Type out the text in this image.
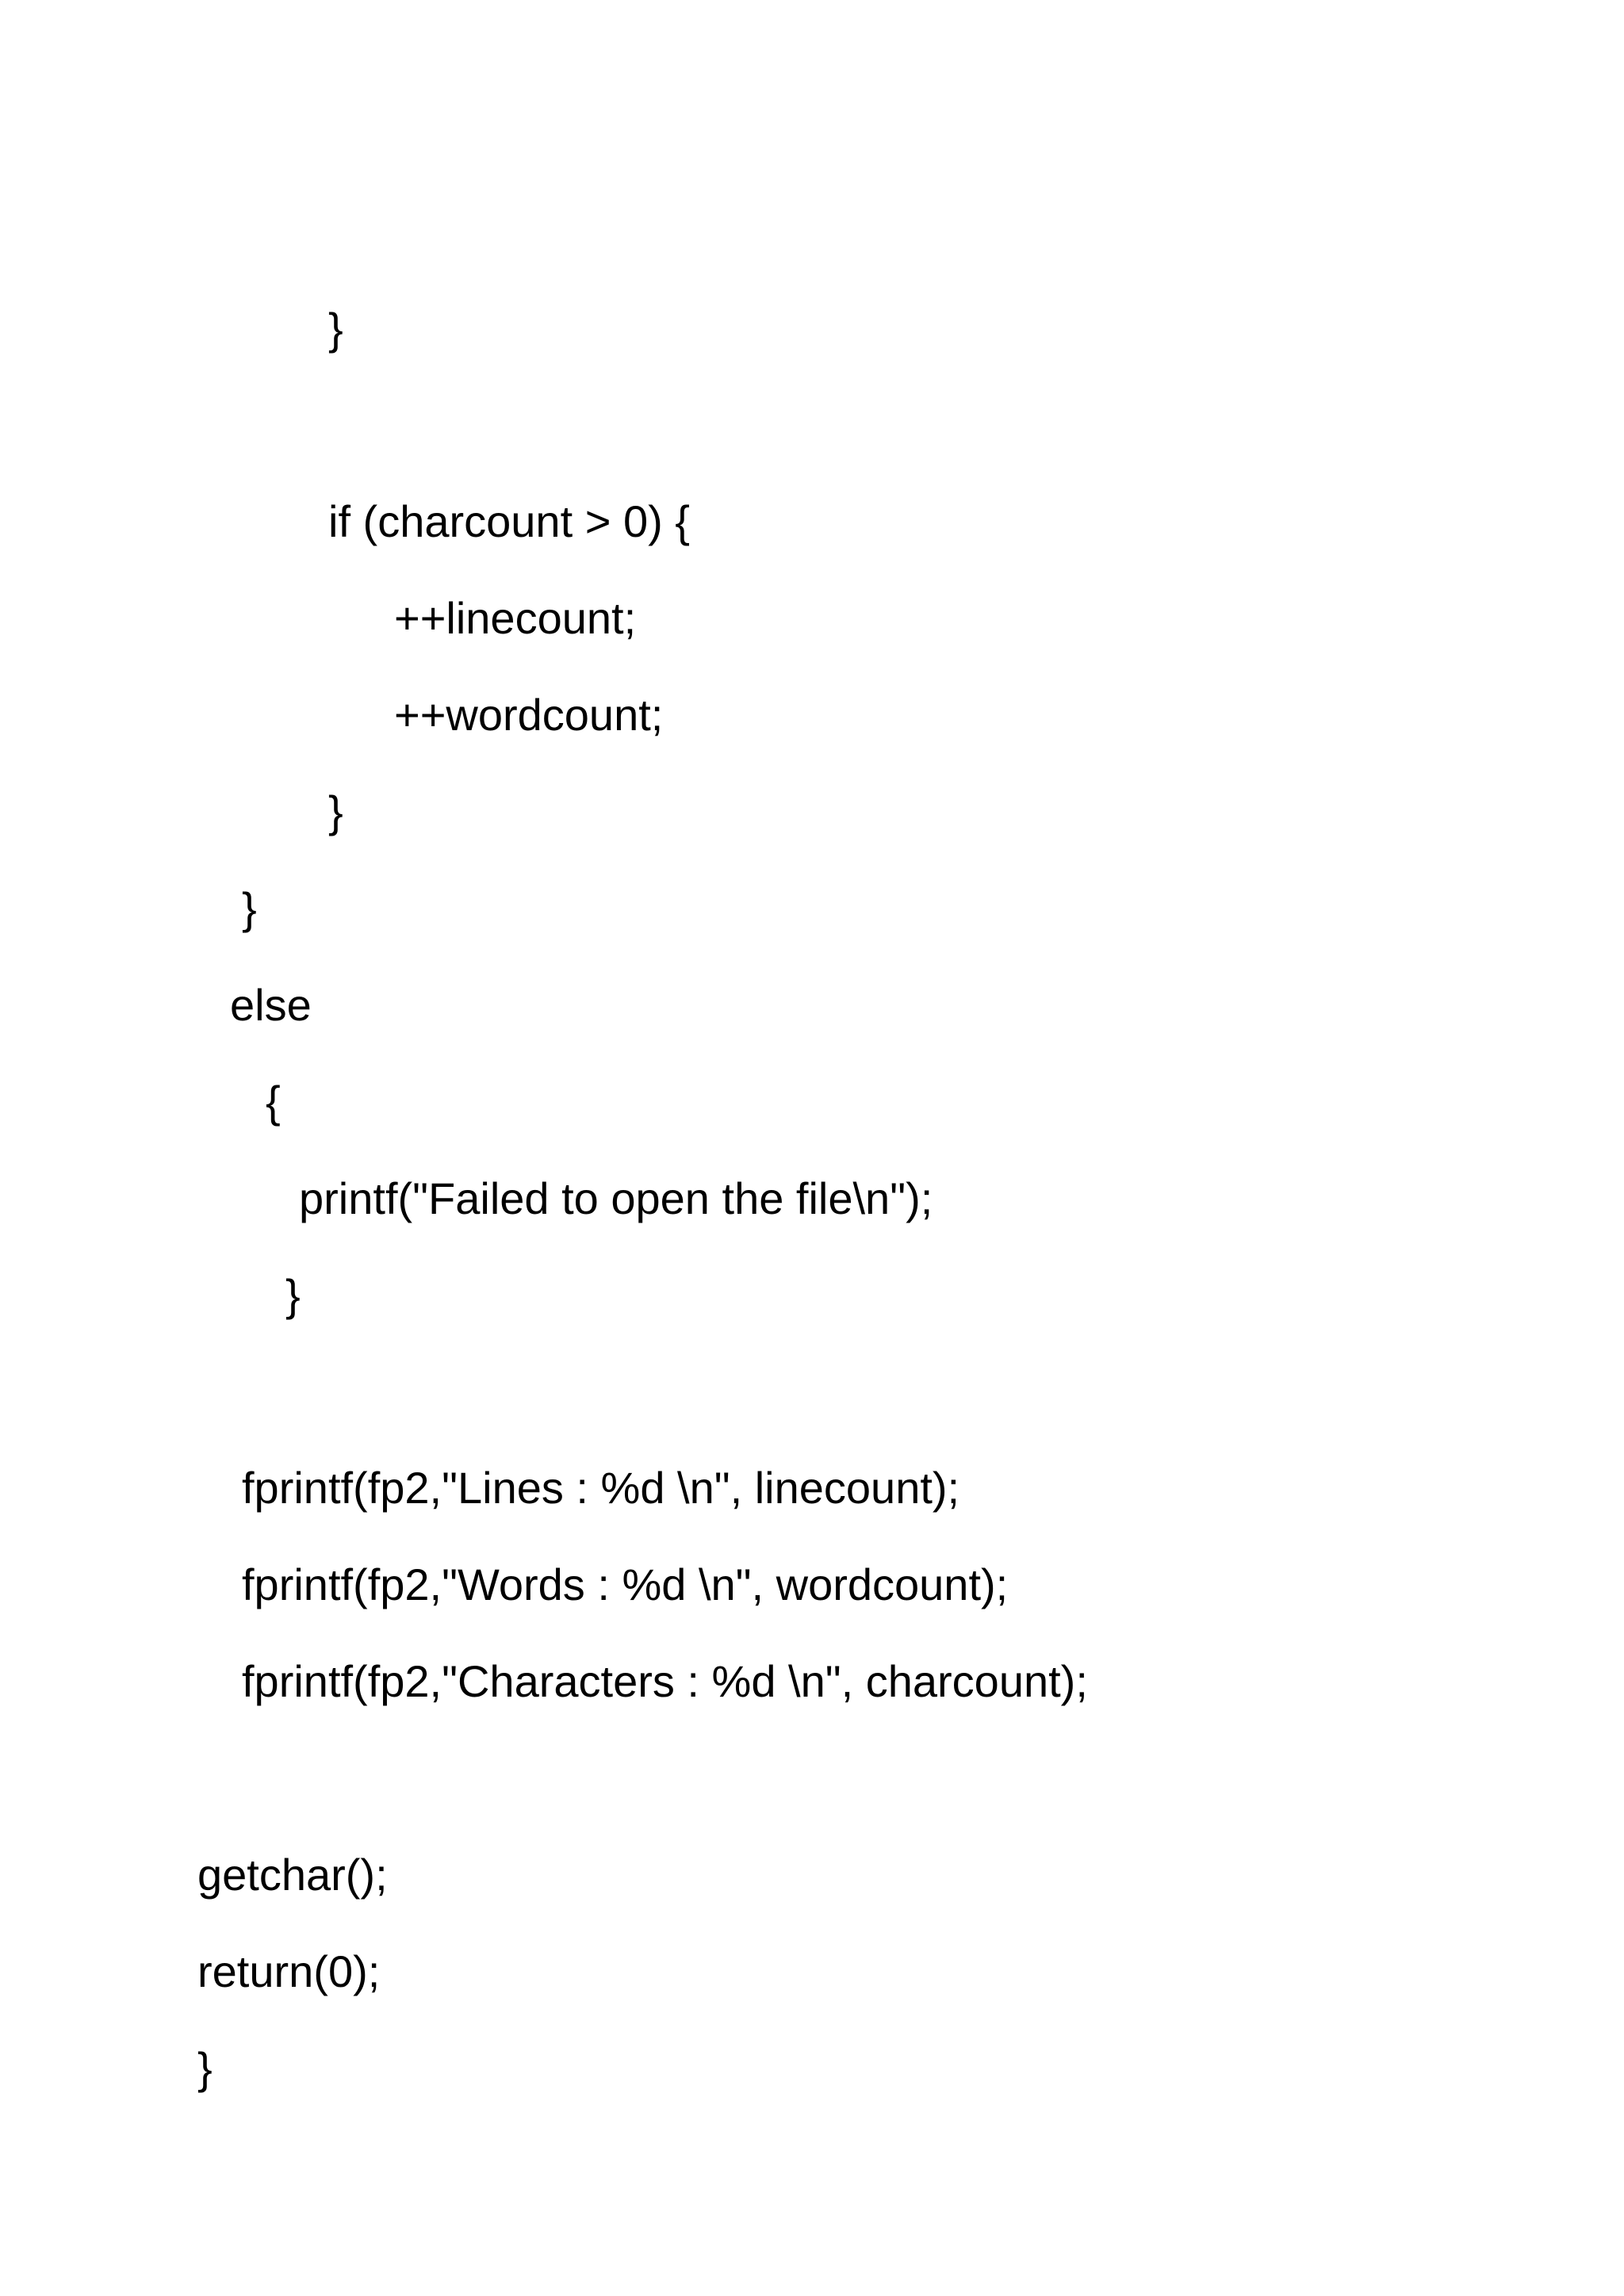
}
if (charcount > 0) {
++linecount;
++wordcount;
}
}
else
{
printf("Failed to open the file\n");
}
fprintf(fp2,"Lines : %d \n", linecount);
fprintf(fp2,"Words : %d \n", wordcount);
fprintf(fp2,"Characters : %d \n", charcount);
getchar();
return(0);
}
